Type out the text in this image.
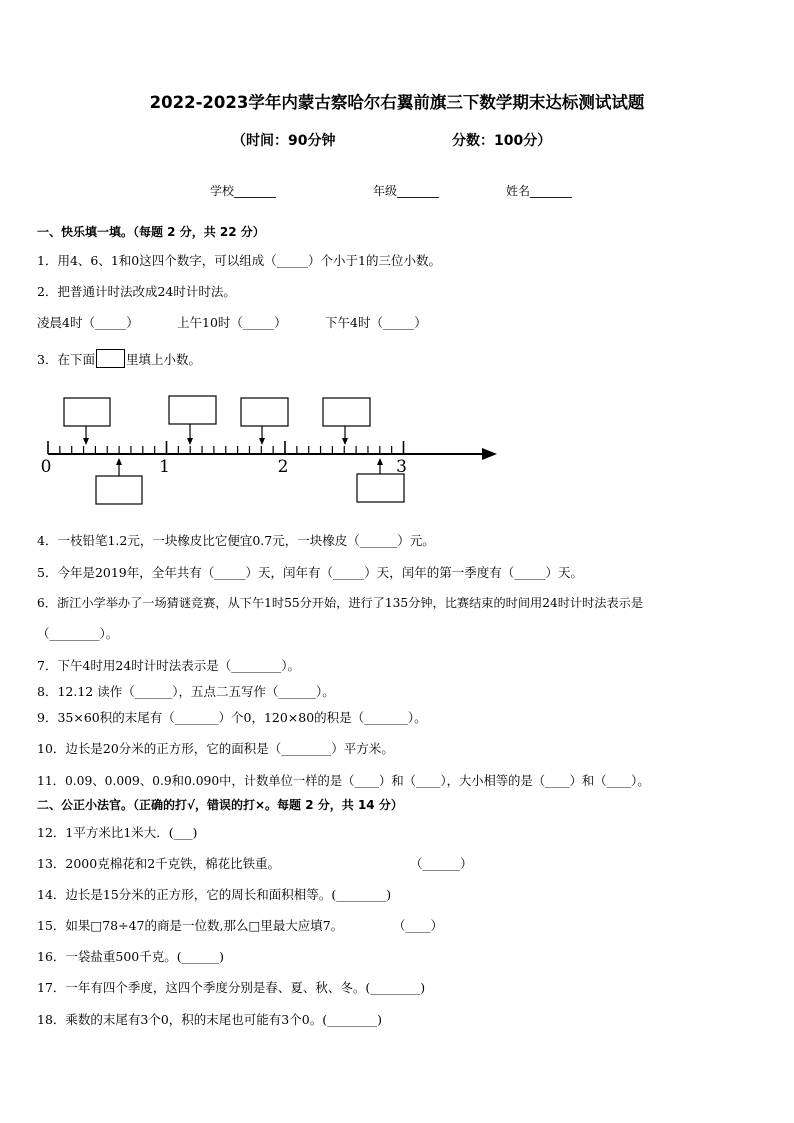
2022-2023学年内蒙古察哈尔右翼前旗三下数学期末达标测试试题
（时间：90分钟	分数：100分）
学校_______	年级_______	姓名_______
一、快乐填一填。（每题 2 分，共 22 分）
1．用4、6、1和0这四个数字，可以组成（_____）个小于1的三位小数。
2．把普通计时法改成24时计时法。
凌晨4时（_____）	上午10时（_____）	下午4时（_____）
3．在下面 里填上小数。
0	1	2	3
4．一枝铅笔1.2元，一块橡皮比它便宜0.7元，一块橡皮（______）元。
5．今年是2019年，全年共有（_____）天，闰年有（_____）天，闰年的第一季度有（_____）天。
6．浙江小学举办了一场猜谜竞赛，从下午1时55分开始，进行了135分钟，比赛结束的时间用24时计时法表示是
（________）。
7．下午4时用24时计时法表示是（________）。
8．12.12 读作（______），五点二五写作（______）。
9．35×60积的末尾有（_______）个0，120×80的积是（_______）。
10．边长是20分米的正方形，它的面积是（________）平方米。
11．0.09、0.009、0.9和0.090中，计数单位一样的是（____）和（____），大小相等的是（____）和（____）。
二、公正小法官。（正确的打√，错误的打×。每题 2 分，共 14 分）
12．1平方米比1米大．(___)
13．2000克棉花和2千克铁，棉花比铁重。	（______）
14．边长是15分米的正方形，它的周长和面积相等。(________)
15．如果□78÷47的商是一位数,那么□里最大应填7。	（____）
16．一袋盐重500千克。(______)
17．一年有四个季度，这四个季度分别是春、夏、秋、冬。(________)
18．乘数的末尾有3个0，积的末尾也可能有3个0。(________)
